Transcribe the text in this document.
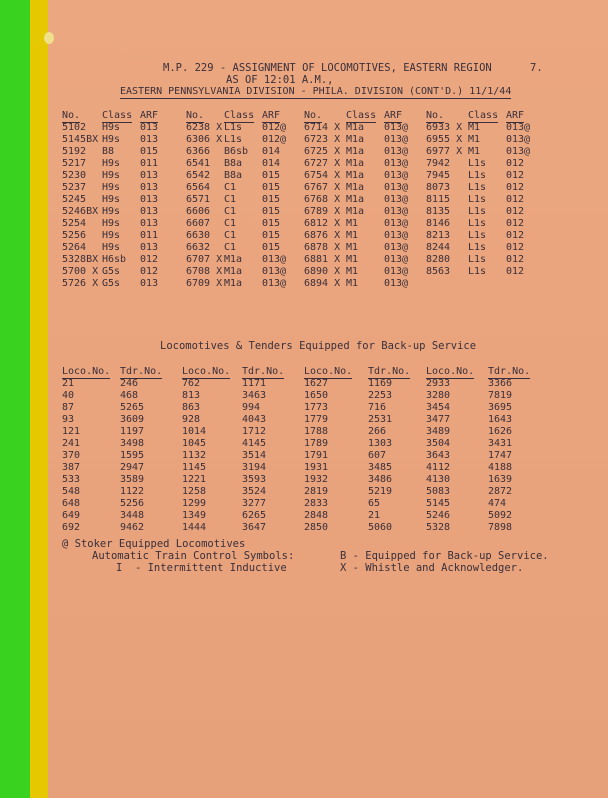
M.P. 229 - ASSIGNMENT OF LOCOMOTIVES, EASTERN REGION	7.
AS OF 12:01 A.M.,
EASTERN PENNSYLVANIA DIVISION - PHILA. DIVISION (CONT'D.) 11/1/44
No. Class ARF	No. Class ARF No. Class ARF No. Class ARF
5102 H9s 013	6238 X L1s 012@ 6714 X M1a 013@ 6933 X M1	013@
5145BX H9s 013	6306 X L1s 012@ 6723 X M1a 013@ 6955 X M1	013@
5192 B8	015	6366 B6sb 014 6725 X M1a 013@ 6977 X M1	013@
5217 H9s 011	6541 B8a 014 6727 X M1a 013@ 7942 L1s 012
5230 H9s 013	6542 B8a 015 6754 X M1a 013@ 7945 L1s 012
5237 H9s 013	6564 C1	015 6767 X M1a 013@ 8073 L1s 012
5245 H9s 013	6571 C1	015 6768 X M1a 013@ 8115 L1s 012
5246BX H9s 013	6606 C1	015 6789 X M1a 013@ 8135 L1s 012
5254 H9s 013	6607 C1	015 6812 X M1	013@ 8146 L1s 012
5256 H9s 011	6630 C1	015 6876 X M1	013@ 8213 L1s 012
5264 H9s 013	6632 C1	015 6878 X M1	013@ 8244 L1s 012
5328BX H6sb 012	6707 X M1a 013@ 6881 X M1	013@ 8280 L1s 012
5700 X G5s 012	6708 X M1a 013@ 6890 X M1	013@ 8563 L1s 012
5726 X G5s 013	6709 X M1a 013@ 6894 X M1	013@
Locomotives & Tenders Equipped for Back-up Service
Loco.No. Tdr.No. Loco.No. Tdr.No. Loco.No. Tdr.No. Loco.No. Tdr.No.
21	246	762	1171	1627	1169	2933	3366
40	468	813	3463	1650	2253	3280	7819
87	5265	863	994	1773	716	3454	3695
93	3609	928	4043	1779	2531	3477	1643
121	1197	1014	1712	1788	266	3489	1626
241	3498	1045	4145	1789	1303	3504	3431
370	1595	1132	3514	1791	607	3643	1747
387	2947	1145	3194	1931	3485	4112	4188
533	3589	1221	3593	1932	3486	4130	1639
548	1122	1258	3524	2819	5219	5083	2872
648	5256	1299	3277	2833	65	5145	474
649	3448	1349	6265	2848	21	5246	5092
692	9462	1444	3647	2850	5060	5328	7898
@ Stoker Equipped Locomotives
Automatic Train Control Symbols:
I  - Intermittent Inductive
B - Equipped for Back-up Service.
X - Whistle and Acknowledger.
